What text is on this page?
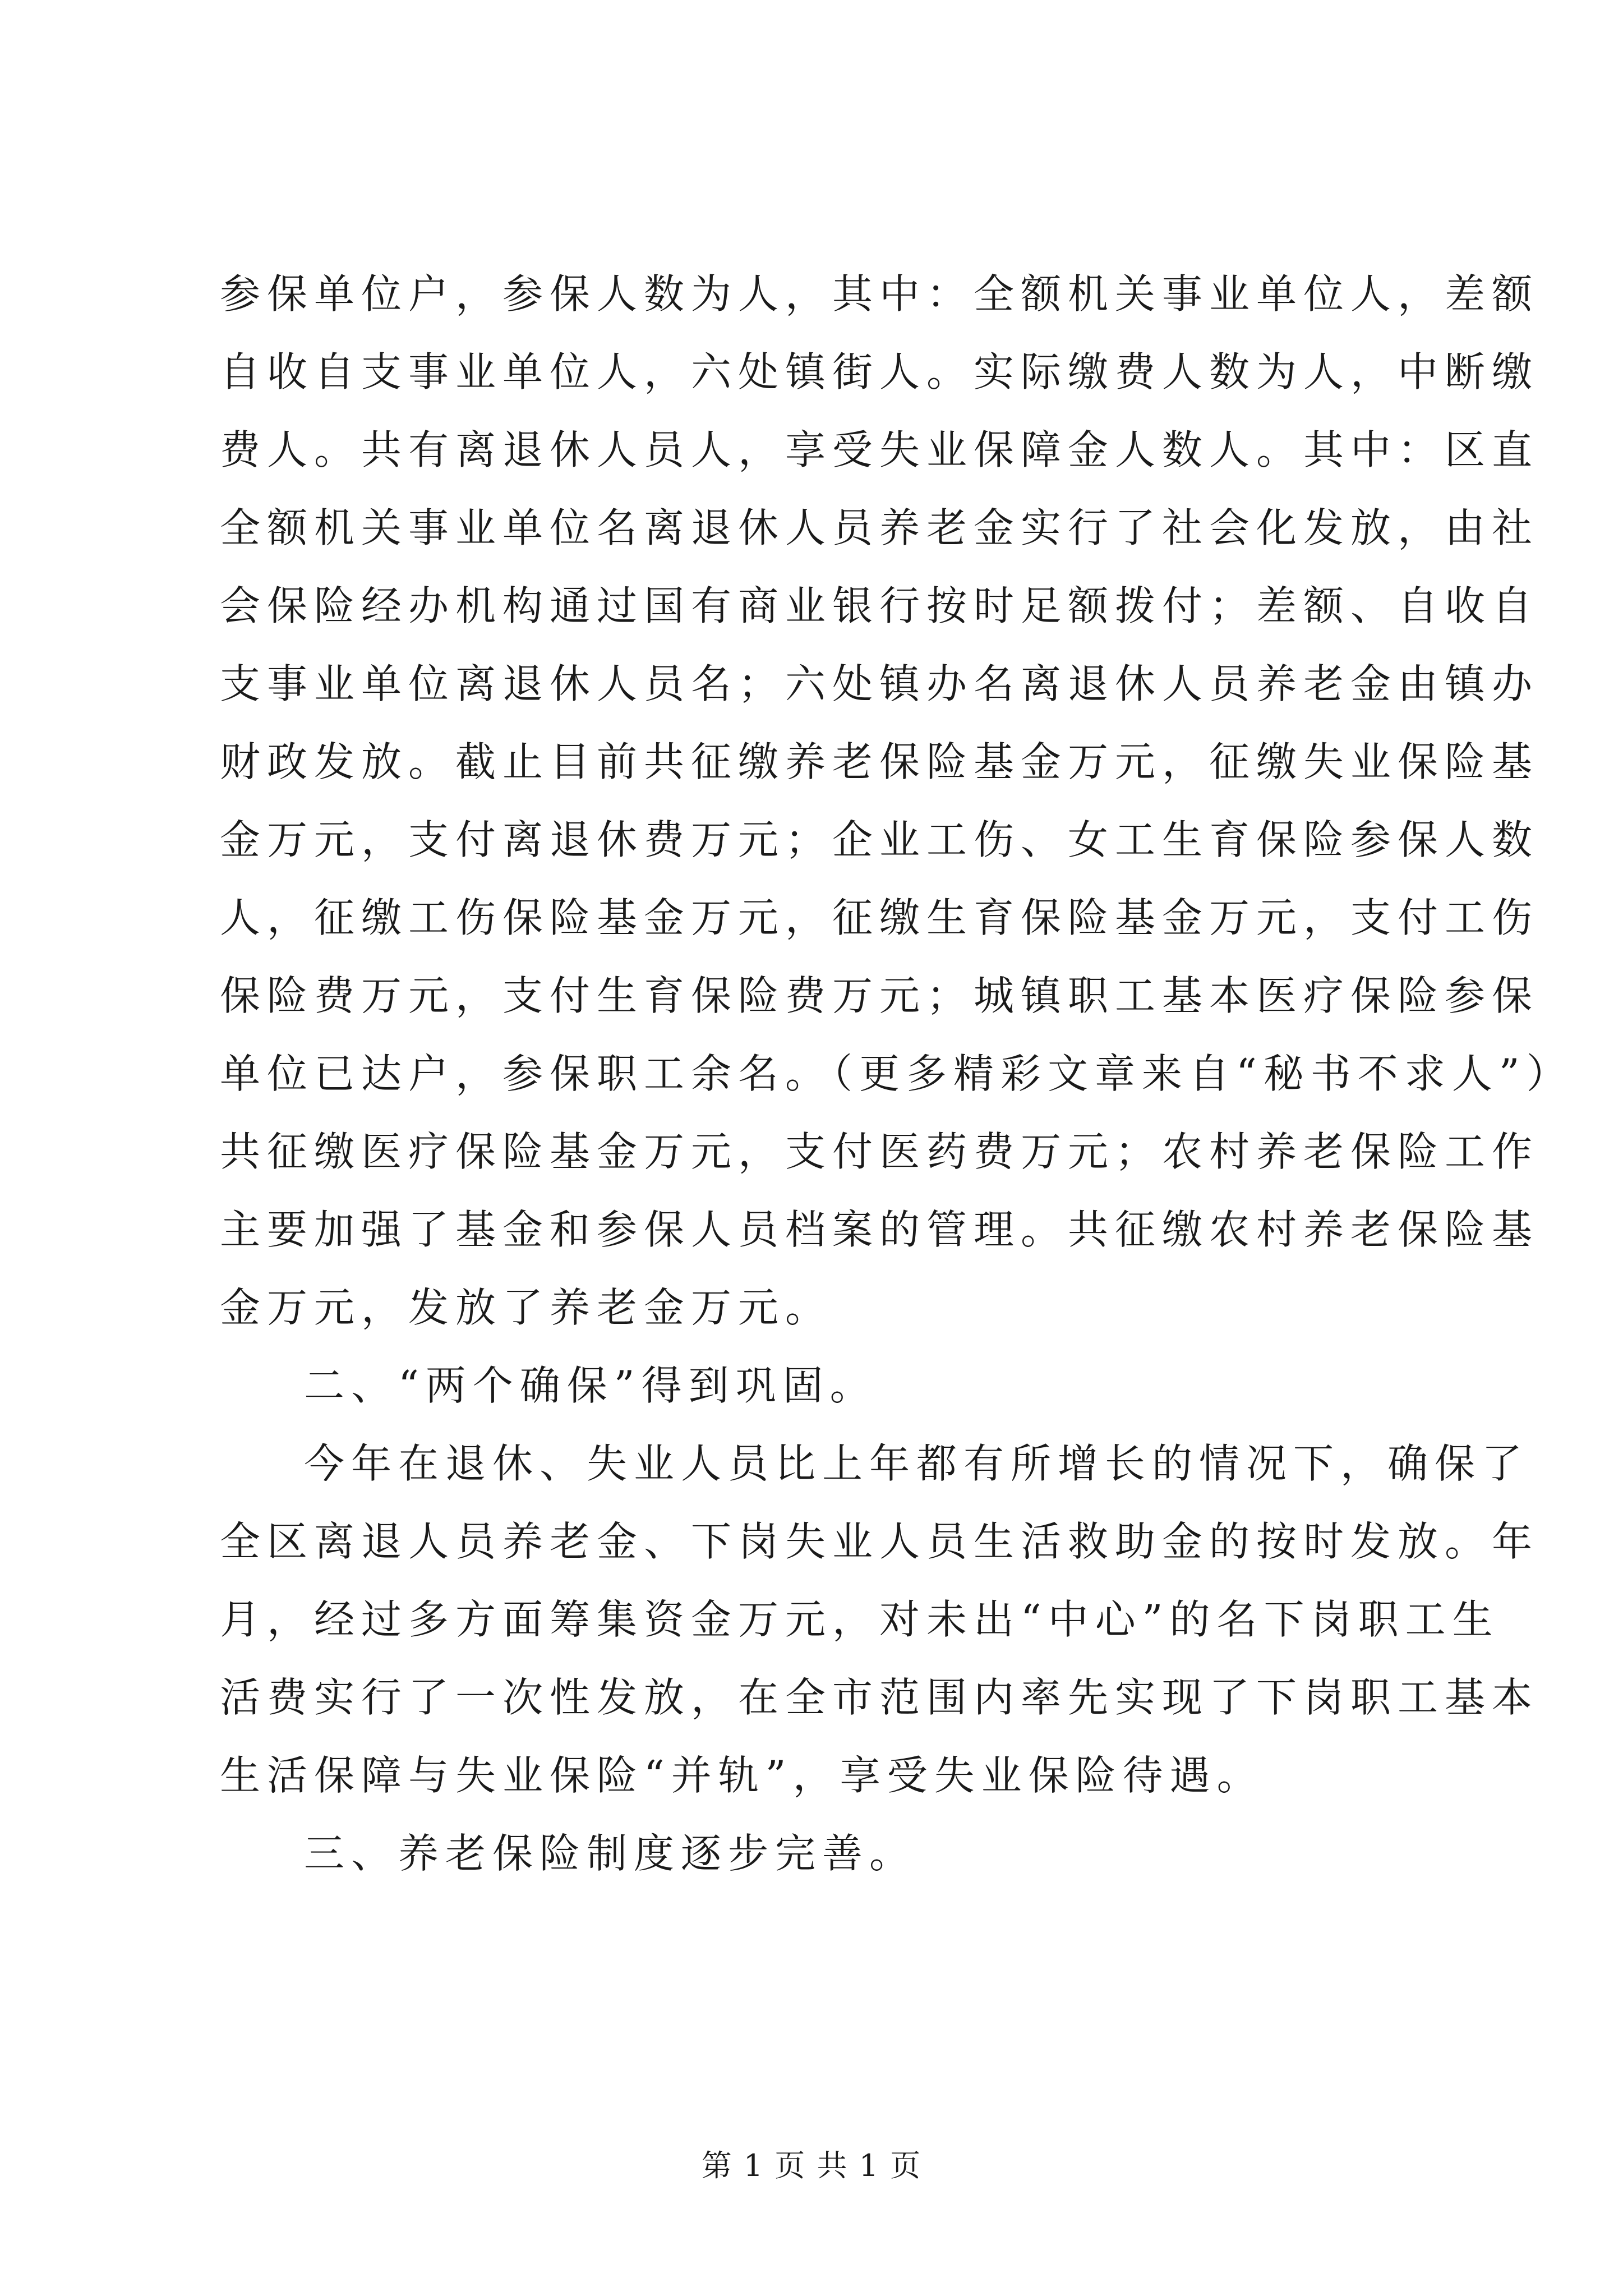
参保单位户，参保人数为人，其中：全额机关事业单位人，差额
自收自支事业单位人，六处镇街人。实际缴费人数为人，中断缴
费人。共有离退休人员人，享受失业保障金人数人。其中：区直
全额机关事业单位名离退休人员养老金实行了社会化发放，由社
会保险经办机构通过国有商业银行按时足额拨付；差额、自收自
支事业单位离退休人员名；六处镇办名离退休人员养老金由镇办
财政发放。截止目前共征缴养老保险基金万元，征缴失业保险基
金万元，支付离退休费万元；企业工伤、女工生育保险参保人数
人，征缴工伤保险基金万元，征缴生育保险基金万元，支付工伤
保险费万元，支付生育保险费万元；城镇职工基本医疗保险参保
单位已达户，参保职工余名。（更多精彩文章来自“秘书不求人”）
共征缴医疗保险基金万元，支付医药费万元；农村养老保险工作
主要加强了基金和参保人员档案的管理。共征缴农村养老保险基
金万元，发放了养老金万元。
二、“两个确保”得到巩固。
今年在退休、失业人员比上年都有所增长的情况下，确保了
全区离退人员养老金、下岗失业人员生活救助金的按时发放。年
月，经过多方面筹集资金万元，对未出“中心”的名下岗职工生
活费实行了一次性发放，在全市范围内率先实现了下岗职工基本
生活保障与失业保险“并轨”，享受失业保险待遇。
三、养老保险制度逐步完善。
第 1 页 共 1 页
